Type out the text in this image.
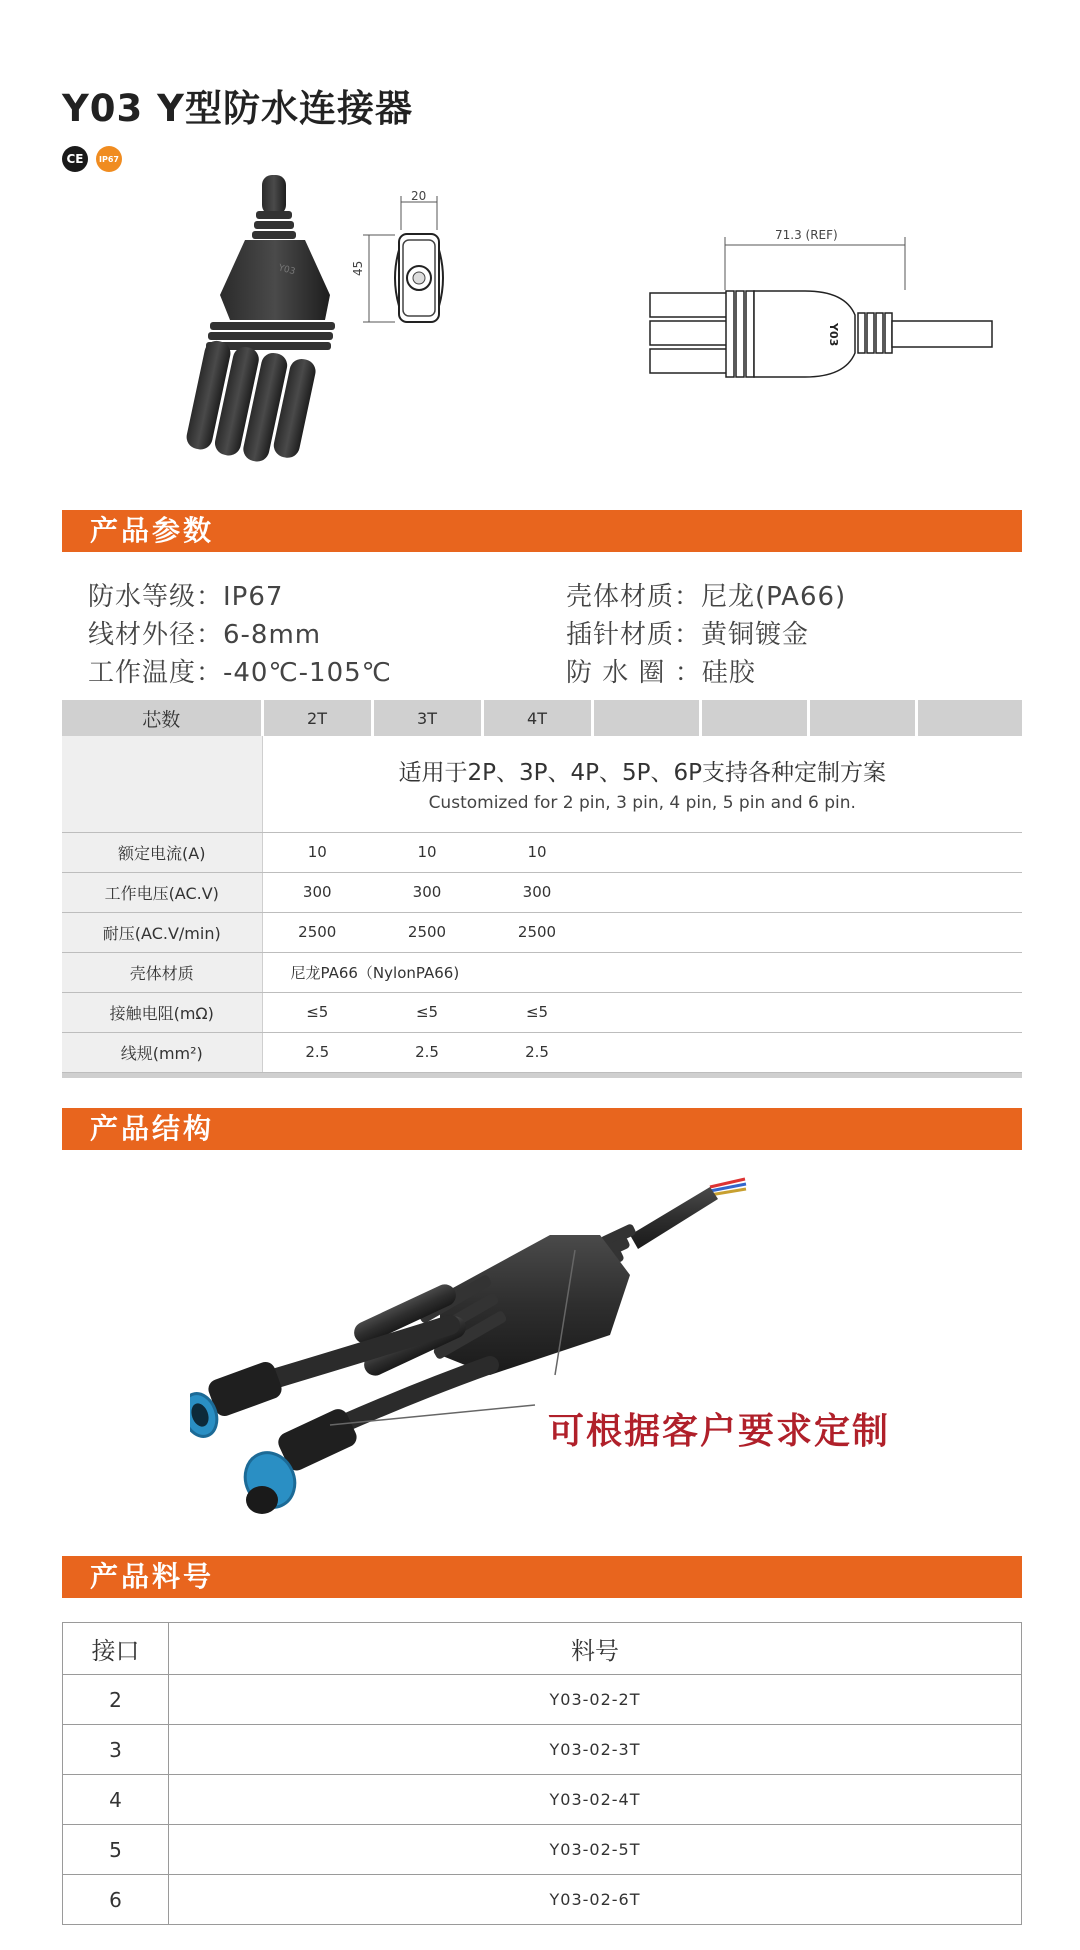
Y03 Y型防水连接器
CE	IP67
Y03
20
45
71.3 (REF)
Y03
产品参数
防水等级：IP67
线材外径：6-8mm
工作温度：-40℃-105℃
壳体材质：尼龙(PA66)
插针材质：黄铜镀金
防 水 圈 ：硅胶
芯数	2T	3T	4T				

	适用于2P、3P、4P、5P、6P支持各种定制方案
Customized for 2 pin, 3 pin, 4 pin, 5 pin and 6 pin.						

额定电流(A)	10	10	10				
工作电压(AC.V)	300	300	300				
耐压(AC.V/min)	2500	2500	2500				
壳体材质	尼龙PA66（NylonPA66)						
接触电阻(mΩ)	≤5	≤5	≤5				
线规(mm²)	2.5	2.5	2.5				
产品结构
可根据客户要求定制
产品料号
接口	料号
2	Y03-02-2T
3	Y03-02-3T
4	Y03-02-4T
5	Y03-02-5T
6	Y03-02-6T
